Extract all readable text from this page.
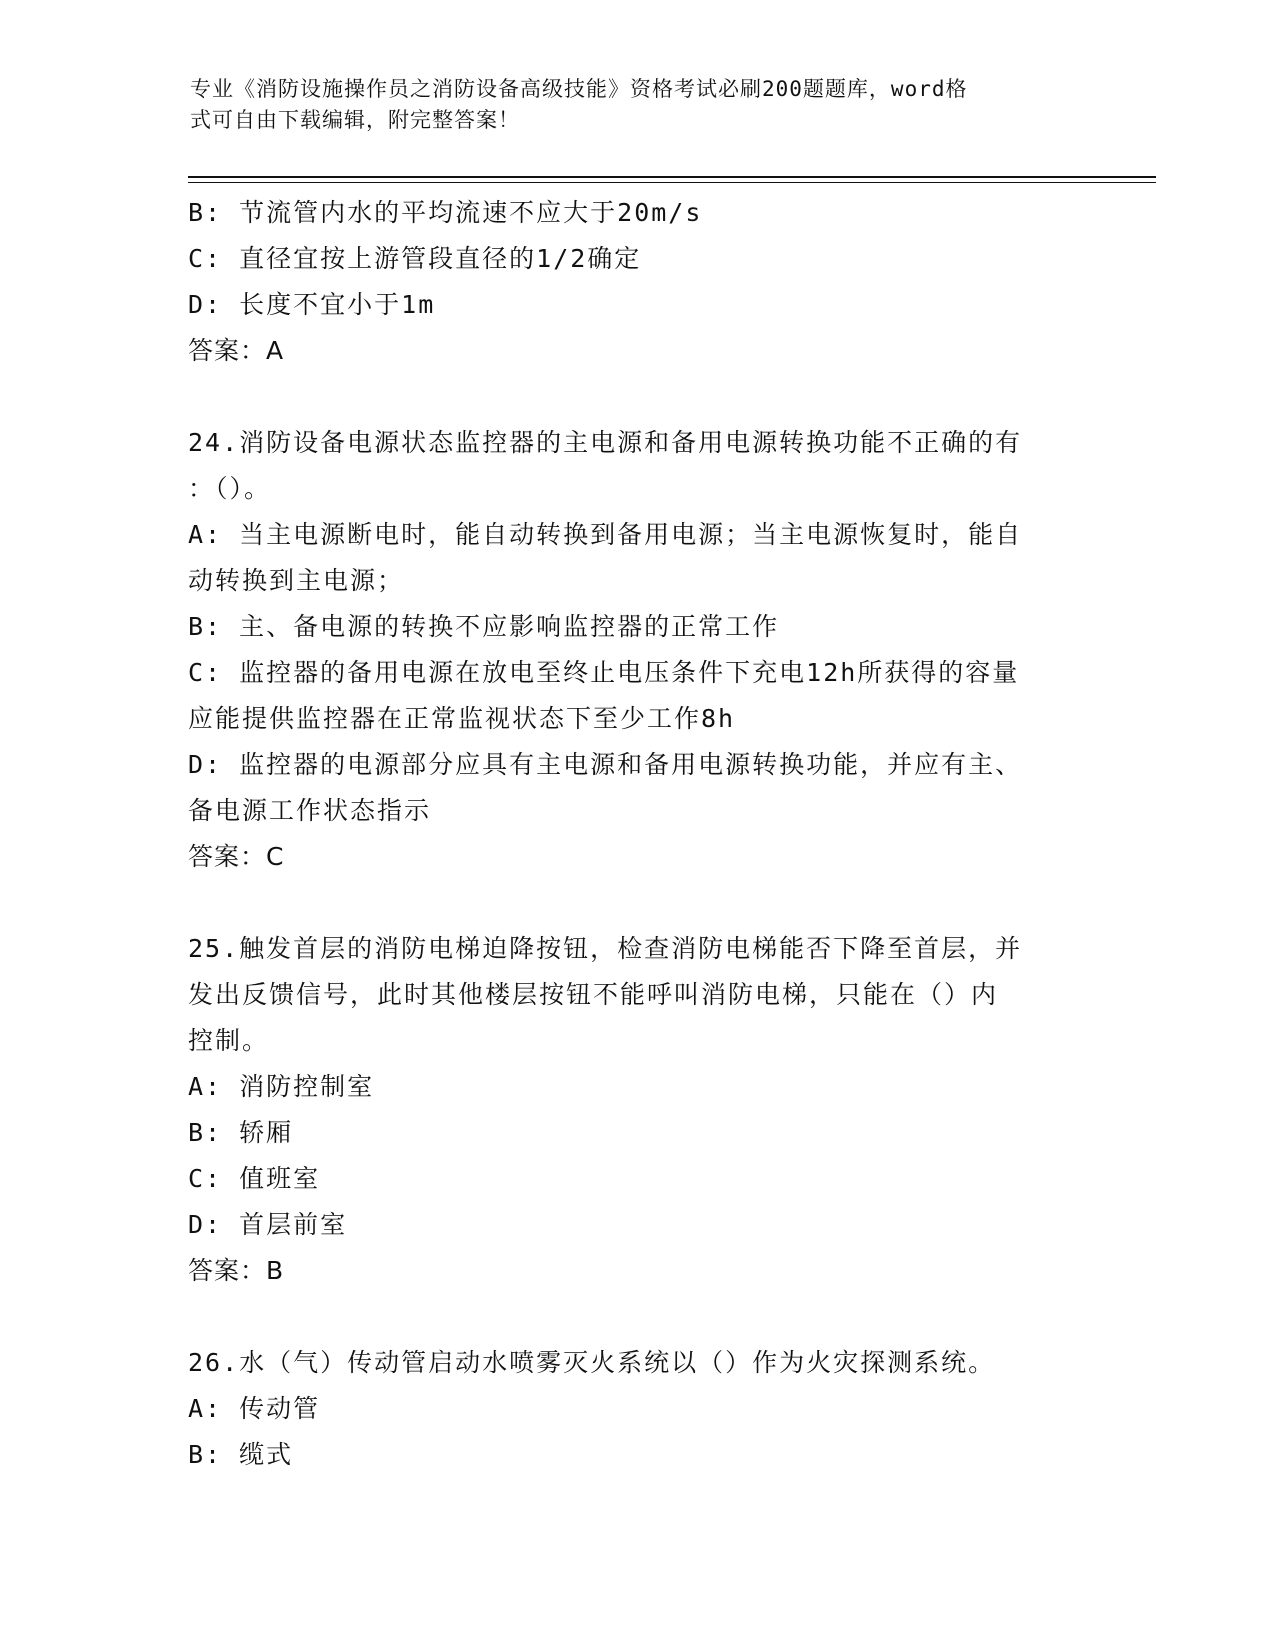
专业《消防设施操作员之消防设备高级技能》资格考试必刷200题题库，word格
式可自由下载编辑，附完整答案！
B: 节流管内水的平均流速不应大于20m/s
C: 直径宜按上游管段直径的1/2确定
D: 长度不宜小于1m
答案：A
24.消防设备电源状态监控器的主电源和备用电源转换功能不正确的有
：（）。
A: 当主电源断电时，能自动转换到备用电源；当主电源恢复时，能自
动转换到主电源；
B: 主、备电源的转换不应影响监控器的正常工作
C: 监控器的备用电源在放电至终止电压条件下充电12h所获得的容量
应能提供监控器在正常监视状态下至少工作8h
D: 监控器的电源部分应具有主电源和备用电源转换功能，并应有主、
备电源工作状态指示
答案：C
25.触发首层的消防电梯迫降按钮，检查消防电梯能否下降至首层，并
发出反馈信号，此时其他楼层按钮不能呼叫消防电梯，只能在（）内
控制。
A: 消防控制室
B: 轿厢
C: 值班室
D: 首层前室
答案：B
26.水（气）传动管启动水喷雾灭火系统以（）作为火灾探测系统。
A: 传动管
B: 缆式
